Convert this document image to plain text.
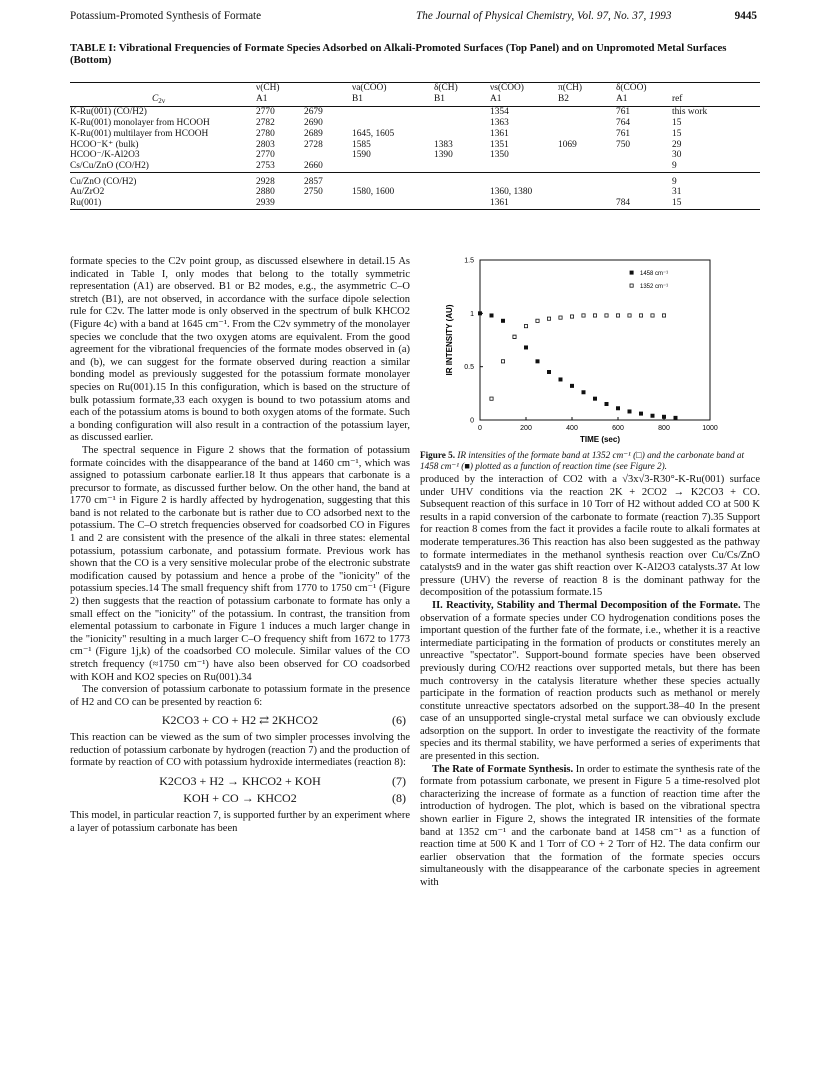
Potassium-Promoted Synthesis of Formate	The Journal of Physical Chemistry, Vol. 97, No. 37, 1993	9445
TABLE I: Vibrational Frequencies of Formate Species Adsorbed on Alkali-Promoted Surfaces (Top Panel) and on Unpromoted Metal Surfaces (Bottom)
	ν(CH)		νa(COO)	δ(CH)	νs(COO)	π(CH)	δ(COO)	
$C_{2v}$	A1		B1	B1	A1	B2	A1	ref
K-Ru(001) (CO/H2)	2770	2679			1354		761	this work
K-Ru(001) monolayer from HCOOH	2782	2690			1363		764	15
K-Ru(001) multilayer from HCOOH	2780	2689	1645, 1605		1361		761	15
HCOO⁻K⁺ (bulk)	2803	2728	1585	1383	1351	1069	750	29
HCOO⁻/K-Al2O3	2770		1590	1390	1350			30
Cs/Cu/ZnO (CO/H2)	2753	2660						9
Cu/ZnO (CO/H2)	2928	2857						9
Au/ZrO2	2880	2750	1580, 1600		1360, 1380			31
Ru(001)	2939				1361		784	15

formate species to the C2v point group, as discussed elsewhere in detail.15 As indicated in Table I, only modes that belong to the totally symmetric representation (A1) are observed. B1 or B2 modes, e.g., the asymmetric C–O stretch (B1), are not observed, in accordance with the surface dipole selection rule for C2v. The latter mode is only observed in the spectrum of bulk KHCO2 (Figure 4c) with a band at 1645 cm⁻¹. From the C2v symmetry of the monolayer species we conclude that the two oxygen atoms are equivalent. From the good agreement for the vibrational frequencies of the formate modes observed in (a) and (b), we can suggest for the formate observed during reaction a similar bonding model as previously suggested for the potassium formate monolayer species on Ru(001).15 In this configuration, which is based on the structure of bulk potassium formate,33 each oxygen is bound to two potassium atoms and each of the potassium atoms is bound to both oxygen atoms of the formate. Such a bonding configuration will also result in a contraction of the potassium layer, as discussed earlier.

The spectral sequence in Figure 2 shows that the formation of potassium formate coincides with the disappearance of the band at 1460 cm⁻¹, which was assigned to potassium carbonate earlier.18 It thus appears that carbonate is a precursor to formate, as discussed further below. On the other hand, the band at 1770 cm⁻¹ in Figure 2 is hardly affected by hydrogenation, suggesting that this band is not related to the carbonate but is rather due to CO adsorbed next to the potassium. The C–O stretch frequencies observed for coadsorbed CO in Figures 1 and 2 are consistent with the presence of the alkali in three states: elemental potassium, potassium carbonate, and potassium formate. Previous work has shown that the CO is a very sensitive molecular probe of the electronic substrate modification caused by potassium and hence a probe of the "ionicity" of the potassium species.14 The small frequency shift from 1770 to 1750 cm⁻¹ (Figure 2) then suggests that the reaction of potassium carbonate to formate has only a small effect on the "ionicity" of the potassium. In contrast, the transition from elemental potassium to carbonate in Figure 1 induces a much larger change in the "ionicity" resulting in a much larger C–O frequency shift from 1672 to 1773 cm⁻¹ (Figure 1j,k) of the coadsorbed CO molecule. Similar values of the CO stretch frequency (≈1750 cm⁻¹) have also been observed for CO coadsorbed with KOH and KO2 species on Ru(001).34

The conversion of potassium carbonate to potassium formate in the presence of H2 and CO can be presented by reaction 6:

K2CO3 + CO + H2 ⇄ 2KHCO2	(6)

This reaction can be viewed as the sum of two simpler processes involving the reduction of potassium carbonate by hydrogen (reaction 7) and the production of formate by reaction of CO with potassium hydroxide intermediates (reaction 8):

K2CO3 + H2 → KHCO2 + KOH	(7)
KOH + CO → KHCO2	(8)

This model, in particular reaction 7, is supported further by an experiment where a layer of potassium carbonate has been

IR INTENSITY (AU)
TIME (sec)
0	200	400	600	800	1000
0
0.5
1
1.5
1458 cm⁻¹
1352 cm⁻¹
Figure 5. IR intensities of the formate band at 1352 cm⁻¹ (□) and the carbonate band at 1458 cm⁻¹ (■) plotted as a function of reaction time (see Figure 2).

produced by the interaction of CO2 with a √3x√3-R30°-K-Ru(001) surface under UHV conditions via the reaction 2K + 2CO2 → K2CO3 + CO. Subsequent reaction of this surface in 10 Torr of H2 without added CO at 500 K results in a rapid conversion of the carbonate to formate (reaction 7).35 Support for reaction 8 comes from the fact it provides a facile route to alkali formates at moderate temperatures.36 This reaction has also been suggested as the pathway to formate intermediates in the methanol synthesis reaction over Cu/Cs/ZnO catalysts9 and in the water gas shift reaction over K-Al2O3 catalysts.37 At low pressure (UHV) the reverse of reaction 8 is the dominant pathway for the decomposition of the potassium formate.15

II. Reactivity, Stability and Thermal Decomposition of the Formate. The observation of a formate species under CO hydrogenation conditions poses the important question of the further fate of the formate, i.e., whether it is a reactive intermediate participating in the formation of products or constitutes merely an unreactive "spectator". Support-bound formate species have been observed previously during CO/H2 reactions over supported metals, but there has been much controversy in the catalysis literature whether these species actually participate in the formation of reaction products such as methanol or merely constitute unreactive spectators adsorbed on the support.38–40 In the present case of an unsupported single-crystal metal surface we can obviously exclude adsorption on the support. In order to investigate the reactivity of the formate species and its thermal stability, we have performed a series of experiments that are presented in this section.

The Rate of Formate Synthesis. In order to estimate the synthesis rate of the formate from potassium carbonate, we present in Figure 5 a time-resolved plot characterizing the increase of formate as a function of reaction time after the introduction of hydrogen. The plot, which is based on the vibrational spectra shown earlier in Figure 2, shows the integrated IR intensities of the formate band at 1352 cm⁻¹ and the carbonate band at 1458 cm⁻¹ as a function of reaction time at 500 K and 1 Torr of CO + 2 Torr of H2. The data confirm our earlier observation that the formation of the formate species occurs simultaneously with the disappearance of the carbonate species in agreement with
